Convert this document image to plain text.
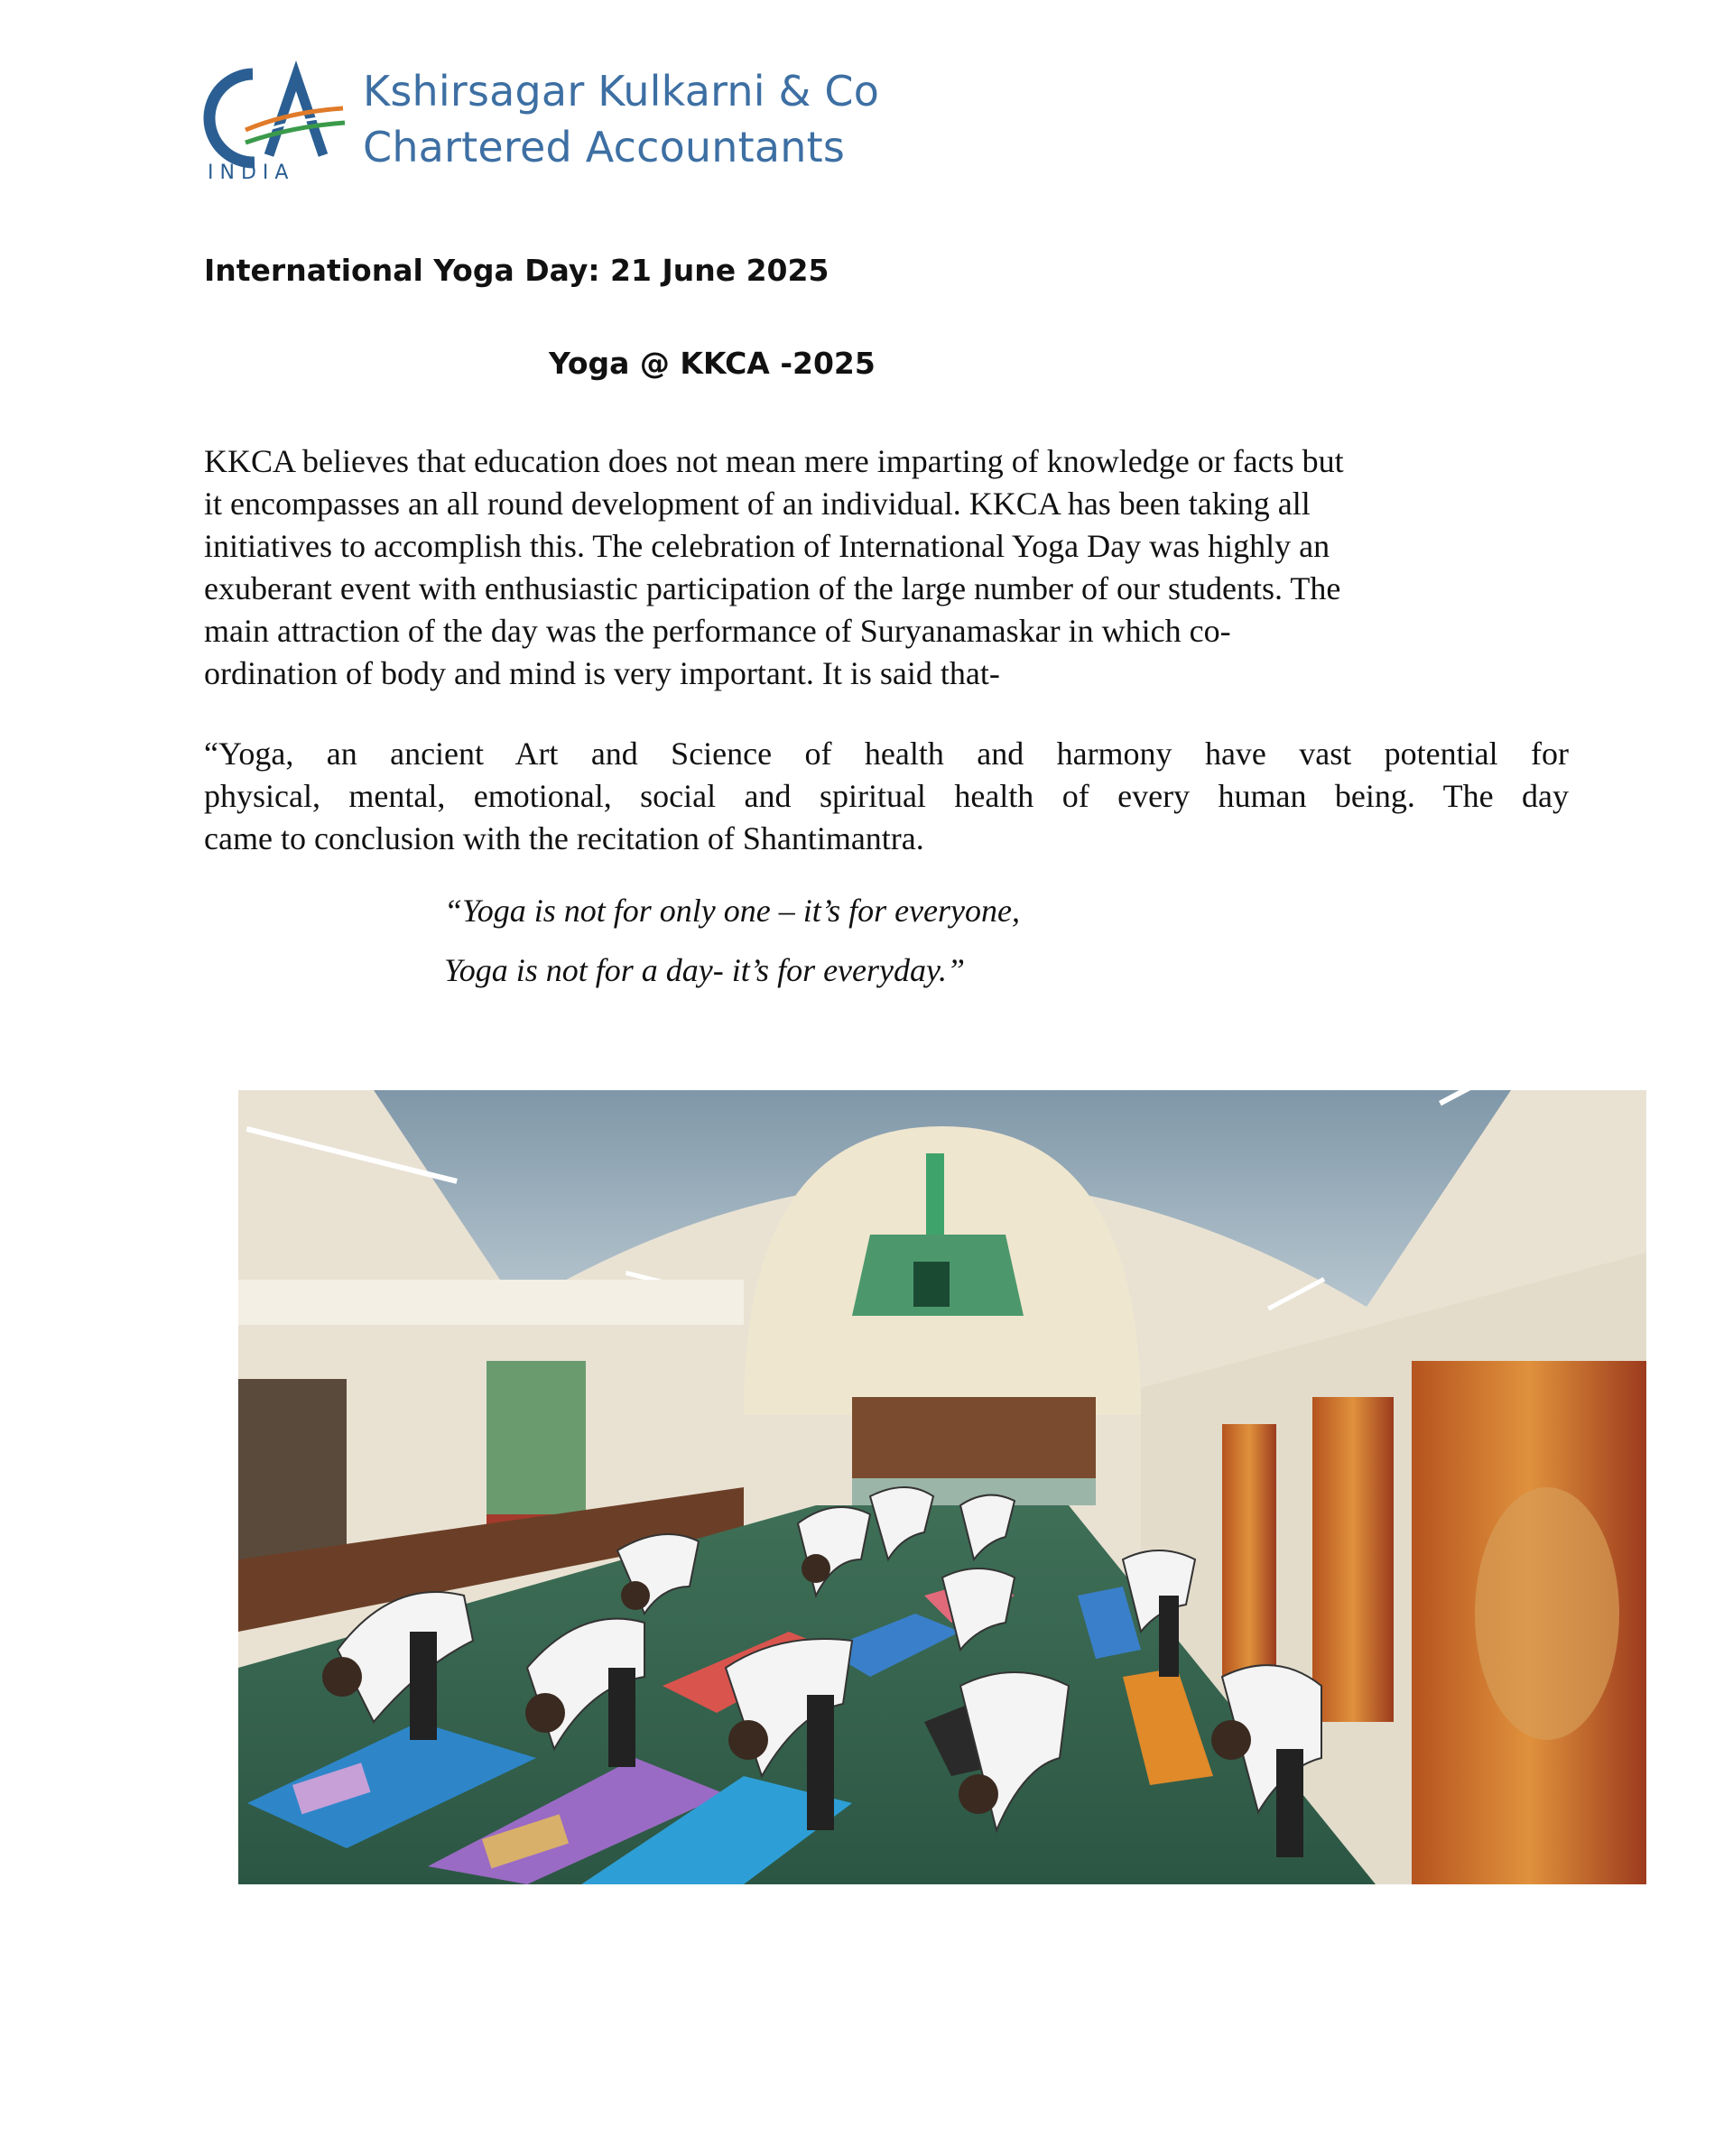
INDIA
Kshirsagar Kulkarni & Co
Chartered Accountants
International Yoga Day: 21 June 2025
Yoga @ KKCA -2025
KKCA believes that education does not mean mere imparting of knowledge or facts but
it encompasses an all round development of an individual. KKCA has been taking all
initiatives to accomplish this. The celebration of International Yoga Day was highly an
exuberant event with enthusiastic participation of the large number of our students. The
main attraction of the day was the performance of Suryanamaskar in which co-
ordination of body and mind is very important. It is said that-
“Yoga, an ancient Art and Science of health and harmony have vast potential for
physical, mental, emotional, social and spiritual health of every human being. The day
came to conclusion with the recitation of Shantimantra.
“Yoga is not for only one – it’s for everyone,
Yoga is not for a day- it’s for everyday.”
